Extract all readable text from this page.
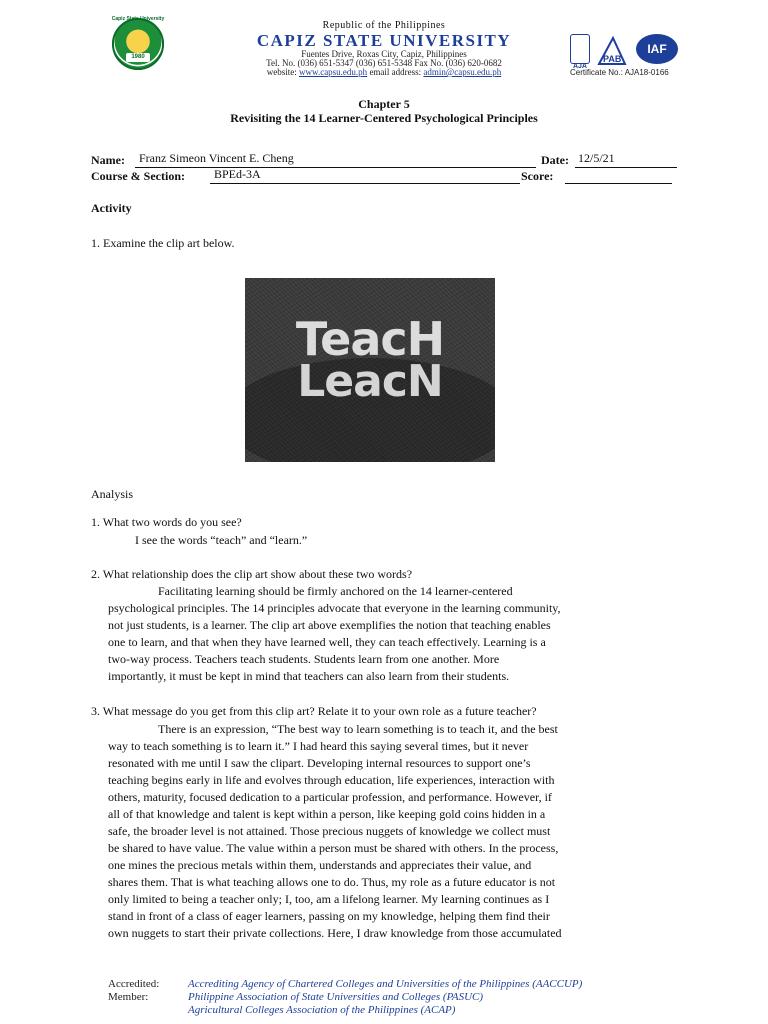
Capiz State University
1980
Republic of the Philippines
CAPIZ STATE UNIVERSITY
Fuentes Drive, Roxas City, Capiz, Philippines
Tel. No. (036) 651-5347 (036) 651-5348 Fax No. (036) 620-0682
website: www.capsu.edu.ph email address: admin@capsu.edu.ph
AJA
PAB
IAF
Certificate No.: AJA18-0166
Chapter 5
Revisiting the 14 Learner-Centered Psychological Principles
Name: Franz Simeon Vincent E. Cheng	Date: 12/5/21
Course & Section: BPEd-3A	Score:
Activity
1. Examine the clip art below.
TeacH
LeacN
Analysis
1. What two words do you see?
I see the words “teach” and “learn.”
2. What relationship does the clip art show about these two words?
Facilitating learning should be firmly anchored on the 14 learner-centered
psychological principles. The 14 principles advocate that everyone in the learning community,
not just students, is a learner. The clip art above exemplifies the notion that teaching enables
one to learn, and that when they have learned well, they can teach effectively. Learning is a
two-way process. Teachers teach students. Students learn from one another. More
importantly, it must be kept in mind that teachers can also learn from their students.
3. What message do you get from this clip art? Relate it to your own role as a future teacher?
There is an expression, “The best way to learn something is to teach it, and the best
way to teach something is to learn it.” I had heard this saying several times, but it never
resonated with me until I saw the clipart. Developing internal resources to support one’s
teaching begins early in life and evolves through education, life experiences, interaction with
others, maturity, focused dedication to a particular profession, and performance. However, if
all of that knowledge and talent is kept within a person, like keeping gold coins hidden in a
safe, the broader level is not attained. Those precious nuggets of knowledge we collect must
be shared to have value. The value within a person must be shared with others. In the process,
one mines the precious metals within them, understands and appreciates their value, and
shares them. That is what teaching allows one to do. Thus, my role as a future educator is not
only limited to being a teacher only; I, too, am a lifelong learner. My learning continues as I
stand in front of a class of eager learners, passing on my knowledge, helping them find their
own nuggets to start their private collections. Here, I draw knowledge from those accumulated
Accredited:	Accrediting Agency of Chartered Colleges and Universities of the Philippines (AACCUP)
Member:	Philippine Association of State Universities and Colleges (PASUC)
Agricultural Colleges Association of the Philippines (ACAP)
